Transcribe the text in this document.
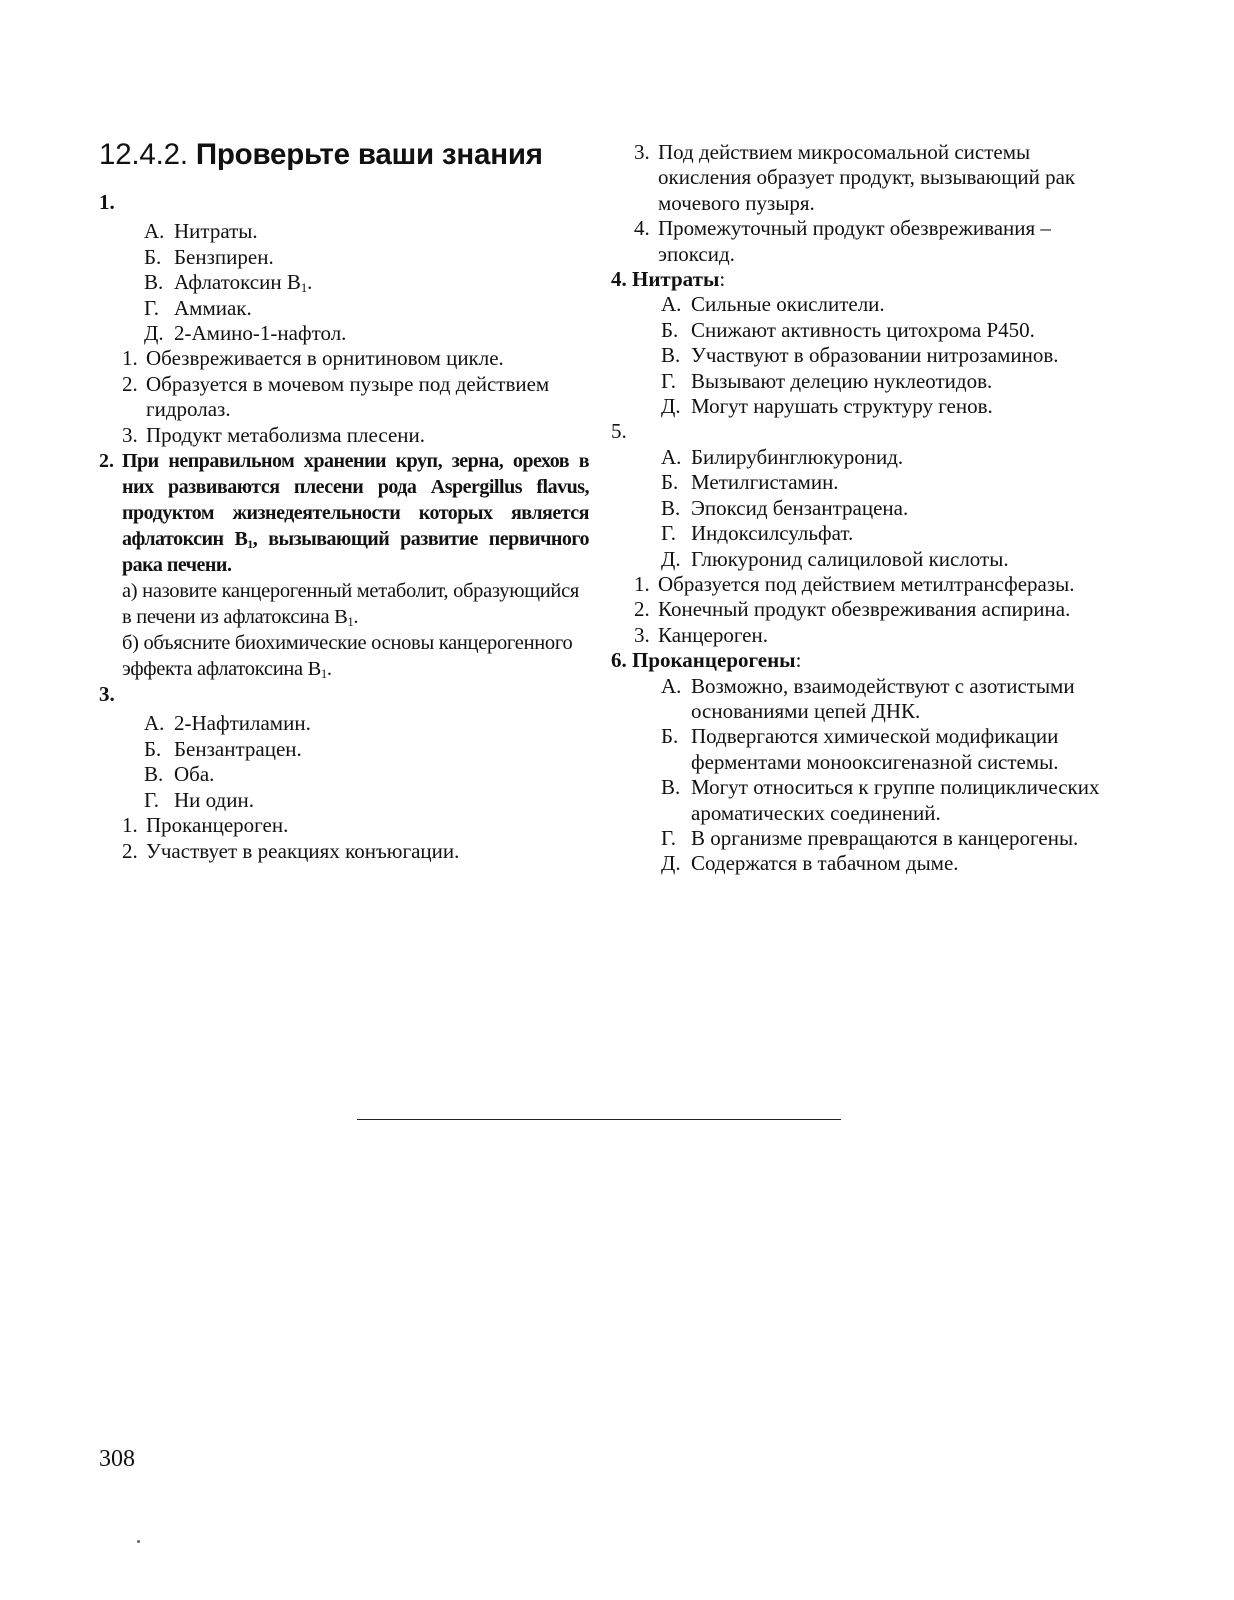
12.4.2. Проверьте ваши знания

1.

А. Нитраты.
Б. Бензпирен.
В. Афлатоксин $B_1$.
Г. Аммиак.
Д. 2-Амино-1-нафтол.
1. Обезвреживается в орнитиновом цикле.
2. Образуется в мочевом пузыре под действием гидролаз.
3. Продукт метаболизма плесени.
2. При неправильном хранении круп, зерна, орехов в них развиваются плесени рода Aspergillus flavus, продуктом жизнедеятельности которых является афлатоксин $B_1$, вызывающий развитие первичного рака печени.
а) назовите канцерогенный метаболит, образующийся в печени из афлатоксина $B_1$.
б) объясните биохимические основы канцерогенного эффекта афлатоксина $B_1$.

3.

А. 2-Нафтиламин.
Б. Бензантрацен.
В. Оба.
Г. Ни один.
1. Проканцероген.
2. Участвует в реакциях конъюгации.
3. Под действием микросомальной системы окисления образует продукт, вызывающий рак мочевого пузыря.
4. Промежуточный продукт обезвреживания – эпоксид.

4. Нитраты:

А. Сильные окислители.
Б. Снижают активность цитохрома P450.
В. Участвуют в образовании нитрозаминов.
Г. Вызывают делецию нуклеотидов.
Д. Могут нарушать структуру генов.

5.

А. Билирубинглюкуронид.
Б. Метилгистамин.
В. Эпоксид бензантрацена.
Г. Индоксилсульфат.
Д. Глюкуронид салициловой кислоты.
1. Образуется под действием метилтрансферазы.
2. Конечный продукт обезвреживания аспирина.
3. Канцероген.

6. Проканцерогены:

А. Возможно, взаимодействуют с азотистыми основаниями цепей ДНК.
Б. Подвергаются химической модификации ферментами монооксигеназной системы.
В. Могут относиться к группе полициклических ароматических соединений.
Г. В организме превращаются в канцерогены.
Д. Содержатся в табачном дыме.
308
